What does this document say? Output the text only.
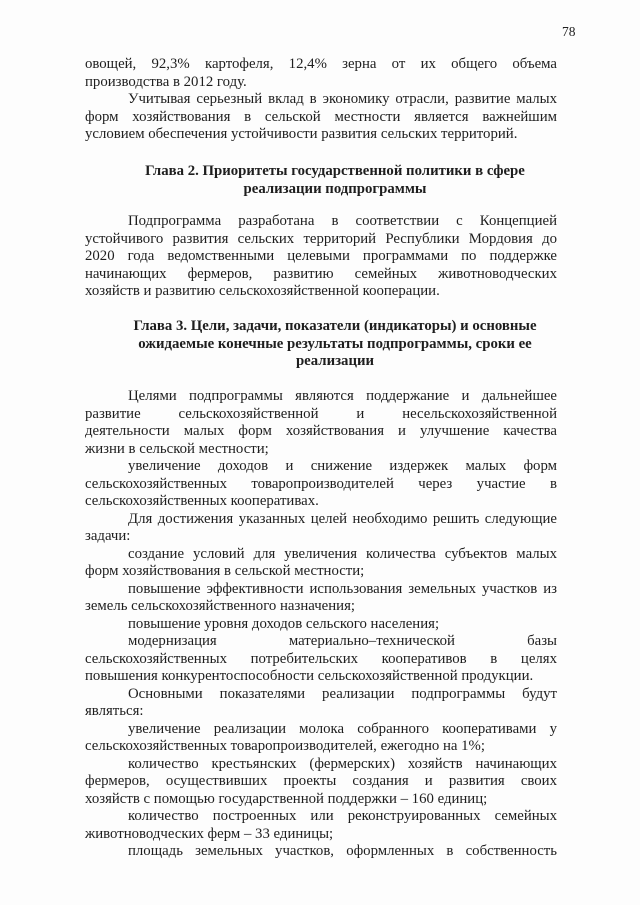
78
овощей, 92,3% картофеля, 12,4% зерна от их общего объема
производства в 2012 году.
Учитывая серьезный вклад в экономику отрасли, развитие малых
форм хозяйствования в сельской местности является важнейшим
условием обеспечения устойчивости развития сельских территорий.
Глава 2. Приоритеты государственной политики в сфере
реализации подпрограммы
Подпрограмма разработана в соответствии с Концепцией
устойчивого развития сельских территорий Республики Мордовия до
2020 года ведомственными целевыми программами по поддержке
начинающих фермеров, развитию семейных животноводческих
хозяйств и развитию сельскохозяйственной кооперации.
Глава 3. Цели, задачи, показатели (индикаторы) и основные
ожидаемые конечные результаты подпрограммы, сроки ее
реализации
Целями подпрограммы являются поддержание и дальнейшее
развитие сельскохозяйственной и несельскохозяйственной
деятельности малых форм хозяйствования и улучшение качества
жизни в сельской местности;
увеличение доходов и снижение издержек малых форм
сельскохозяйственных товаропроизводителей через участие в
сельскохозяйственных кооперативах.
Для достижения указанных целей необходимо решить следующие
задачи:
создание условий для увеличения количества субъектов малых
форм хозяйствования в сельской местности;
повышение эффективности использования земельных участков из
земель сельскохозяйственного назначения;
повышение уровня доходов сельского населения;
модернизация материально–технической базы
сельскохозяйственных потребительских кооперативов в целях
повышения конкурентоспособности сельскохозяйственной продукции.
Основными показателями реализации подпрограммы будут
являться:
увеличение реализации молока собранного кооперативами у
сельскохозяйственных товаропроизводителей, ежегодно на 1%;
количество крестьянских (фермерских) хозяйств начинающих
фермеров, осуществивших проекты создания и развития своих
хозяйств с помощью государственной поддержки – 160 единиц;
количество построенных или реконструированных семейных
животноводческих ферм – 33 единицы;
площадь земельных участков, оформленных в собственность
